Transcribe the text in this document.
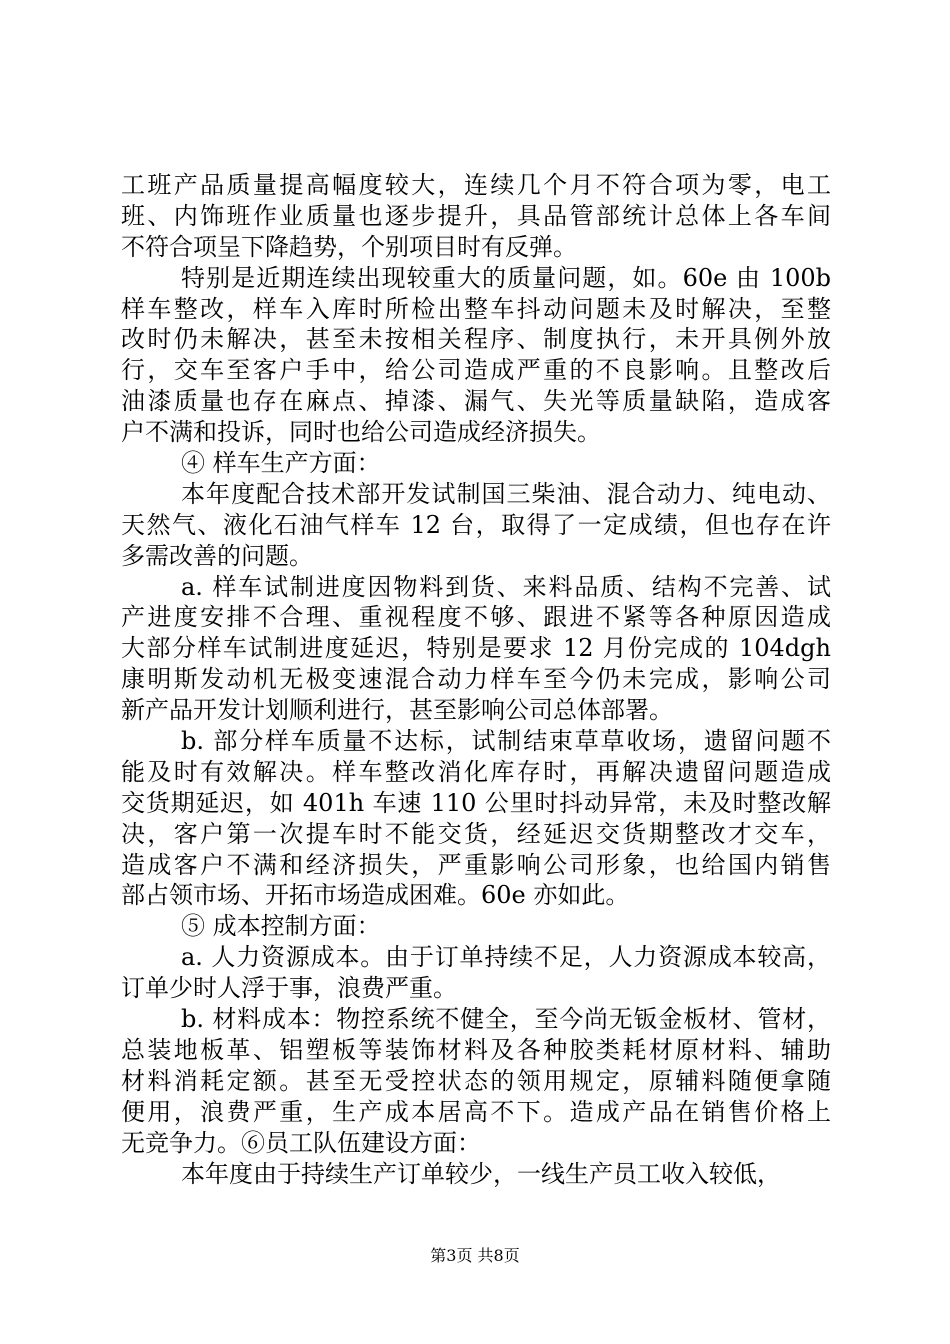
工班产品质量提高幅度较大，连续几个月不符合项为零，电工
班、内饰班作业质量也逐步提升，具品管部统计总体上各车间
不符合项呈下降趋势，个别项目时有反弹。
特别是近期连续出现较重大的质量问题，如。60e 由 100b
样车整改，样车入库时所检出整车抖动问题未及时解决，至整
改时仍未解决，甚至未按相关程序、制度执行，未开具例外放
行，交车至客户手中，给公司造成严重的不良影响。且整改后
油漆质量也存在麻点、掉漆、漏气、失光等质量缺陷，造成客
户不满和投诉，同时也给公司造成经济损失。
④ 样车生产方面：
本年度配合技术部开发试制国三柴油、混合动力、纯电动、
天然气、液化石油气样车 12 台，取得了一定成绩，但也存在许
多需改善的问题。
a. 样车试制进度因物料到货、来料品质、结构不完善、试
产进度安排不合理、重视程度不够、跟进不紧等各种原因造成
大部分样车试制进度延迟，特别是要求 12 月份完成的 104dgh
康明斯发动机无极变速混合动力样车至今仍未完成，影响公司
新产品开发计划顺利进行，甚至影响公司总体部署。
b. 部分样车质量不达标，试制结束草草收场，遗留问题不
能及时有效解决。样车整改消化库存时，再解决遗留问题造成
交货期延迟，如 401h 车速 110 公里时抖动异常，未及时整改解
决，客户第一次提车时不能交货，经延迟交货期整改才交车，
造成客户不满和经济损失，严重影响公司形象，也给国内销售
部占领市场、开拓市场造成困难。60e 亦如此。
⑤ 成本控制方面：
a. 人力资源成本。由于订单持续不足，人力资源成本较高，
订单少时人浮于事，浪费严重。
b. 材料成本：物控系统不健全，至今尚无钣金板材、管材，
总装地板革、铝塑板等装饰材料及各种胶类耗材原材料、辅助
材料消耗定额。甚至无受控状态的领用规定，原辅料随便拿随
便用，浪费严重，生产成本居高不下。造成产品在销售价格上
无竞争力。⑥员工队伍建设方面：
本年度由于持续生产订单较少，一线生产员工收入较低，
第3页 共8页
